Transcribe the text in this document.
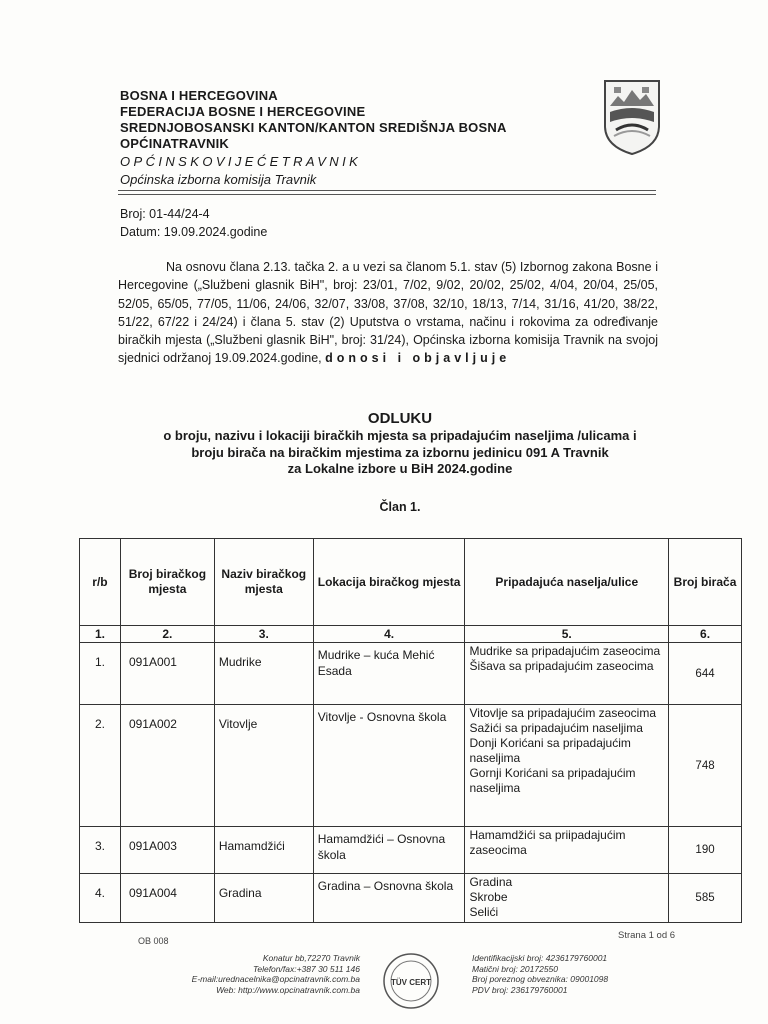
BOSNA I HERCEGOVINA
FEDERACIJA BOSNE I HERCEGOVINE
SREDNJOBOSANSKI KANTON/KANTON SREDIŠNJA BOSNA
OPĆINATRAVNIK
OPĆINSKOVIJEĆETRAVNIK
Općinska izborna komisija Travnik
Broj: 01-44/24-4
Datum: 19.09.2024.godine
Na osnovu člana 2.13. tačka 2. a u vezi sa članom 5.1. stav (5) Izbornog zakona Bosne i Hercegovine („Službeni glasnik BiH", broj: 23/01, 7/02, 9/02, 20/02, 25/02, 4/04, 20/04, 25/05, 52/05, 65/05, 77/05, 11/06, 24/06, 32/07, 33/08, 37/08, 32/10, 18/13, 7/14, 31/16, 41/20, 38/22, 51/22, 67/22 i 24/24) i člana 5. stav (2) Uputstva o vrstama, načinu i rokovima za određivanje biračkih mjesta („Službeni glasnik BiH", broj: 31/24), Općinska izborna komisija Travnik na svojoj sjednici održanoj 19.09.2024.godine, donosi i objavljuje
ODLUKU
o broju, nazivu i lokaciji biračkih mjesta sa pripadajućim naseljima /ulicama i
broju birača na biračkim mjestima za izbornu jedinicu 091 A Travnik
za Lokalne izbore u BiH 2024.godine
Član 1.
r/b	Broj biračkog mjesta	Naziv biračkog mjesta	Lokacija biračkog mjesta	Pripadajuća naselja/ulice	Broj birača
1.	2.	3.	4.	5.	6.
1.	091A001	Mudrike	Mudrike – kuća Mehić Esada	Mudrike sa pripadajućim zaseocima
Šišava sa pripadajućim zaseocima	644
2.	091A002	Vitovlje	Vitovlje - Osnovna škola	Vitovlje sa pripadajućim zaseocima
Sažići sa pripadajućim naseljima
Donji Korićani sa pripadajućim naseljima
Gornji Korićani sa pripadajućim naseljima	748
3.	091A003	Hamamdžići	Hamamdžići – Osnovna škola	Hamamdžići sa priipadajućim zaseocima	190
4.	091A004	Gradina	Gradina – Osnovna škola	Gradina
Skrobe
Selići	585
OB 008	Strana 1 od 6
Konatur bb,72270 Travnik
Telefon/fax:+387 30 511 146
E-mail:urednacelnika@opcinatravnik.com.ba
Web: http://www.opcinatravnik.com.ba
TÜV CERT
Identifikacijski broj: 4236179760001
Matični broj: 20172550
Broj poreznog obveznika: 09001098
PDV broj: 236179760001
